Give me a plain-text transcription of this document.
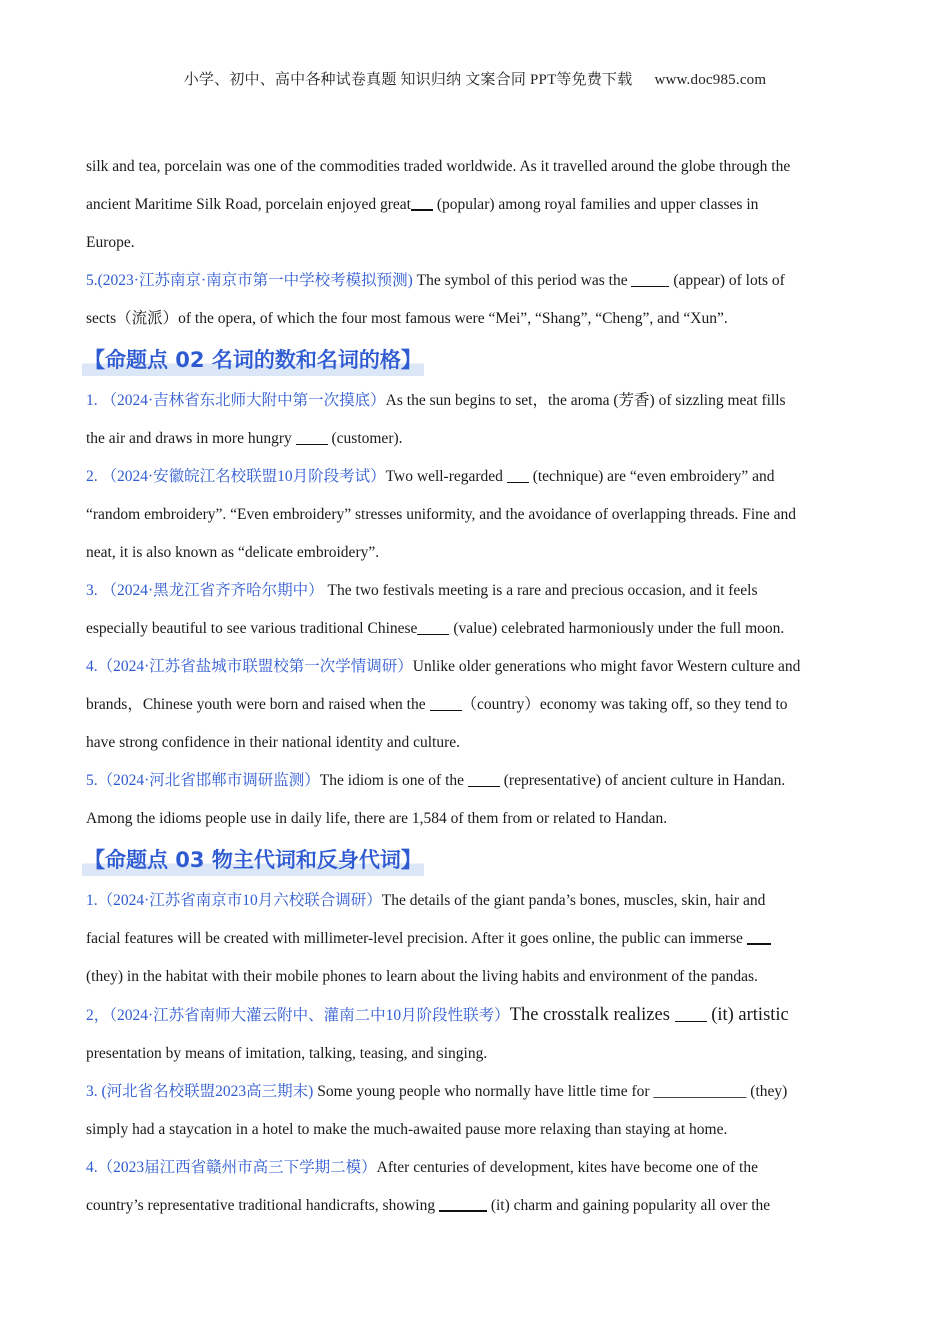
小学、初中、高中各种试卷真题 知识归纳 文案合同 PPT等免费下载 www.doc985.com

silk and tea, porcelain was one of the commodities traded worldwide. As it travelled around the globe through the

ancient Maritime Silk Road, porcelain enjoyed great (popular) among royal families and upper classes in

Europe.

5.(2023·江苏南京·南京市第一中学校考模拟预测) The symbol of this period was the  (appear) of lots of

sects（流派）of the opera, of which the four most famous were “Mei”, “Shang”, “Cheng”, and “Xun”.

【命题点 02 名词的数和名词的格】

1. （2024·吉林省东北师大附中第一次摸底）As the sun begins to set，the aroma (芳香) of sizzling meat fills

the air and draws in more hungry  (customer).

2. （2024·安徽皖江名校联盟10月阶段考试）Two well-regarded  (technique) are “even embroidery” and

“random embroidery”. “Even embroidery” stresses uniformity, and the avoidance of overlapping threads. Fine and

neat, it is also known as “delicate embroidery”.

3. （2024·黑龙江省齐齐哈尔期中） The two festivals meeting is a rare and precious occasion, and it feels

especially beautiful to see various traditional Chinese (value) celebrated harmoniously under the full moon.

4.（2024·江苏省盐城市联盟校第一次学情调研）Unlike older generations who might favor Western culture and

brands，Chinese youth were born and raised when the （country）economy was taking off, so they tend to

have strong confidence in their national identity and culture.

5.（2024·河北省邯郸市调研监测）The idiom is one of the  (representative) of ancient culture in Handan.

Among the idioms people use in daily life, there are 1,584 of them from or related to Handan.

【命题点 03 物主代词和反身代词】

1.（2024·江苏省南京市10月六校联合调研）The details of the giant panda’s bones, muscles, skin, hair and

facial features will be created with millimeter-level precision. After it goes online, the public can immerse

(they) in the habitat with their mobile phones to learn about the living habits and environment of the pandas.

2，（2024·江苏省南师大灌云附中、灌南二中10月阶段性联考）The crosstalk realizes  (it) artistic

presentation by means of imitation, talking, teasing, and singing.

3. (河北省名校联盟2023高三期末) Some young people who normally have little time for ____________ (they)

simply had a staycation in a hotel to make the much-awaited pause more relaxing than staying at home.

4.（2023届江西省赣州市高三下学期二模）After centuries of development, kites have become one of the

country’s representative traditional handicrafts, showing	(it) charm and gaining popularity all over the
